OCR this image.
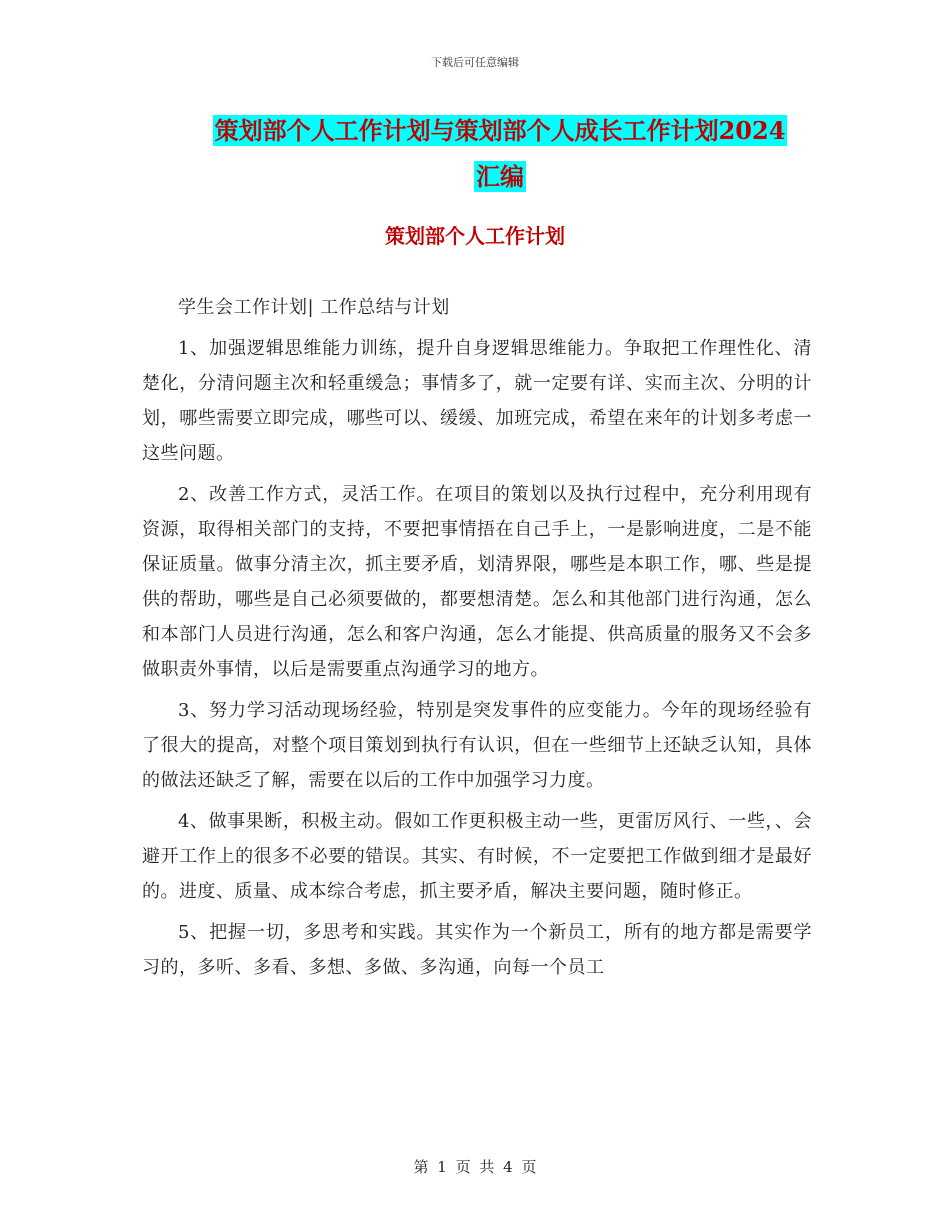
下载后可任意编辑
策划部个人工作计划与策划部个人成长工作计划2024
汇编
策划部个人工作计划

学生会工作计划| 工作总结与计划

1、加强逻辑思维能力训练，提升自身逻辑思维能力。争取把工作理性化、清楚化，分清问题主次和轻重缓急；事情多了，就一定要有详、实而主次、分明的计划，哪些需要立即完成，哪些可以、缓缓、加班完成，希望在来年的计划多考虑一这些问题。

2、改善工作方式，灵活工作。在项目的策划以及执行过程中，充分利用现有资源，取得相关部门的支持，不要把事情捂在自己手上，一是影响进度，二是不能保证质量。做事分清主次，抓主要矛盾，划清界限，哪些是本职工作，哪、些是提供的帮助，哪些是自己必须要做的，都要想清楚。怎么和其他部门进行沟通，怎么和本部门人员进行沟通，怎么和客户沟通，怎么才能提、供高质量的服务又不会多做职责外事情，以后是需要重点沟通学习的地方。

3、努力学习活动现场经验，特别是突发事件的应变能力。今年的现场经验有了很大的提高，对整个项目策划到执行有认识，但在一些细节上还缺乏认知，具体的做法还缺乏了解，需要在以后的工作中加强学习力度。

4、做事果断，积极主动。假如工作更积极主动一些，更雷厉风行、一些，、会避开工作上的很多不必要的错误。其实、有时候，不一定要把工作做到细才是最好的。进度、质量、成本综合考虑，抓主要矛盾，解决主要问题，随时修正。

5、把握一切，多思考和实践。其实作为一个新员工，所有的地方都是需要学习的，多听、多看、多想、多做、多沟通，向每一个员工

第 1 页 共 4 页
